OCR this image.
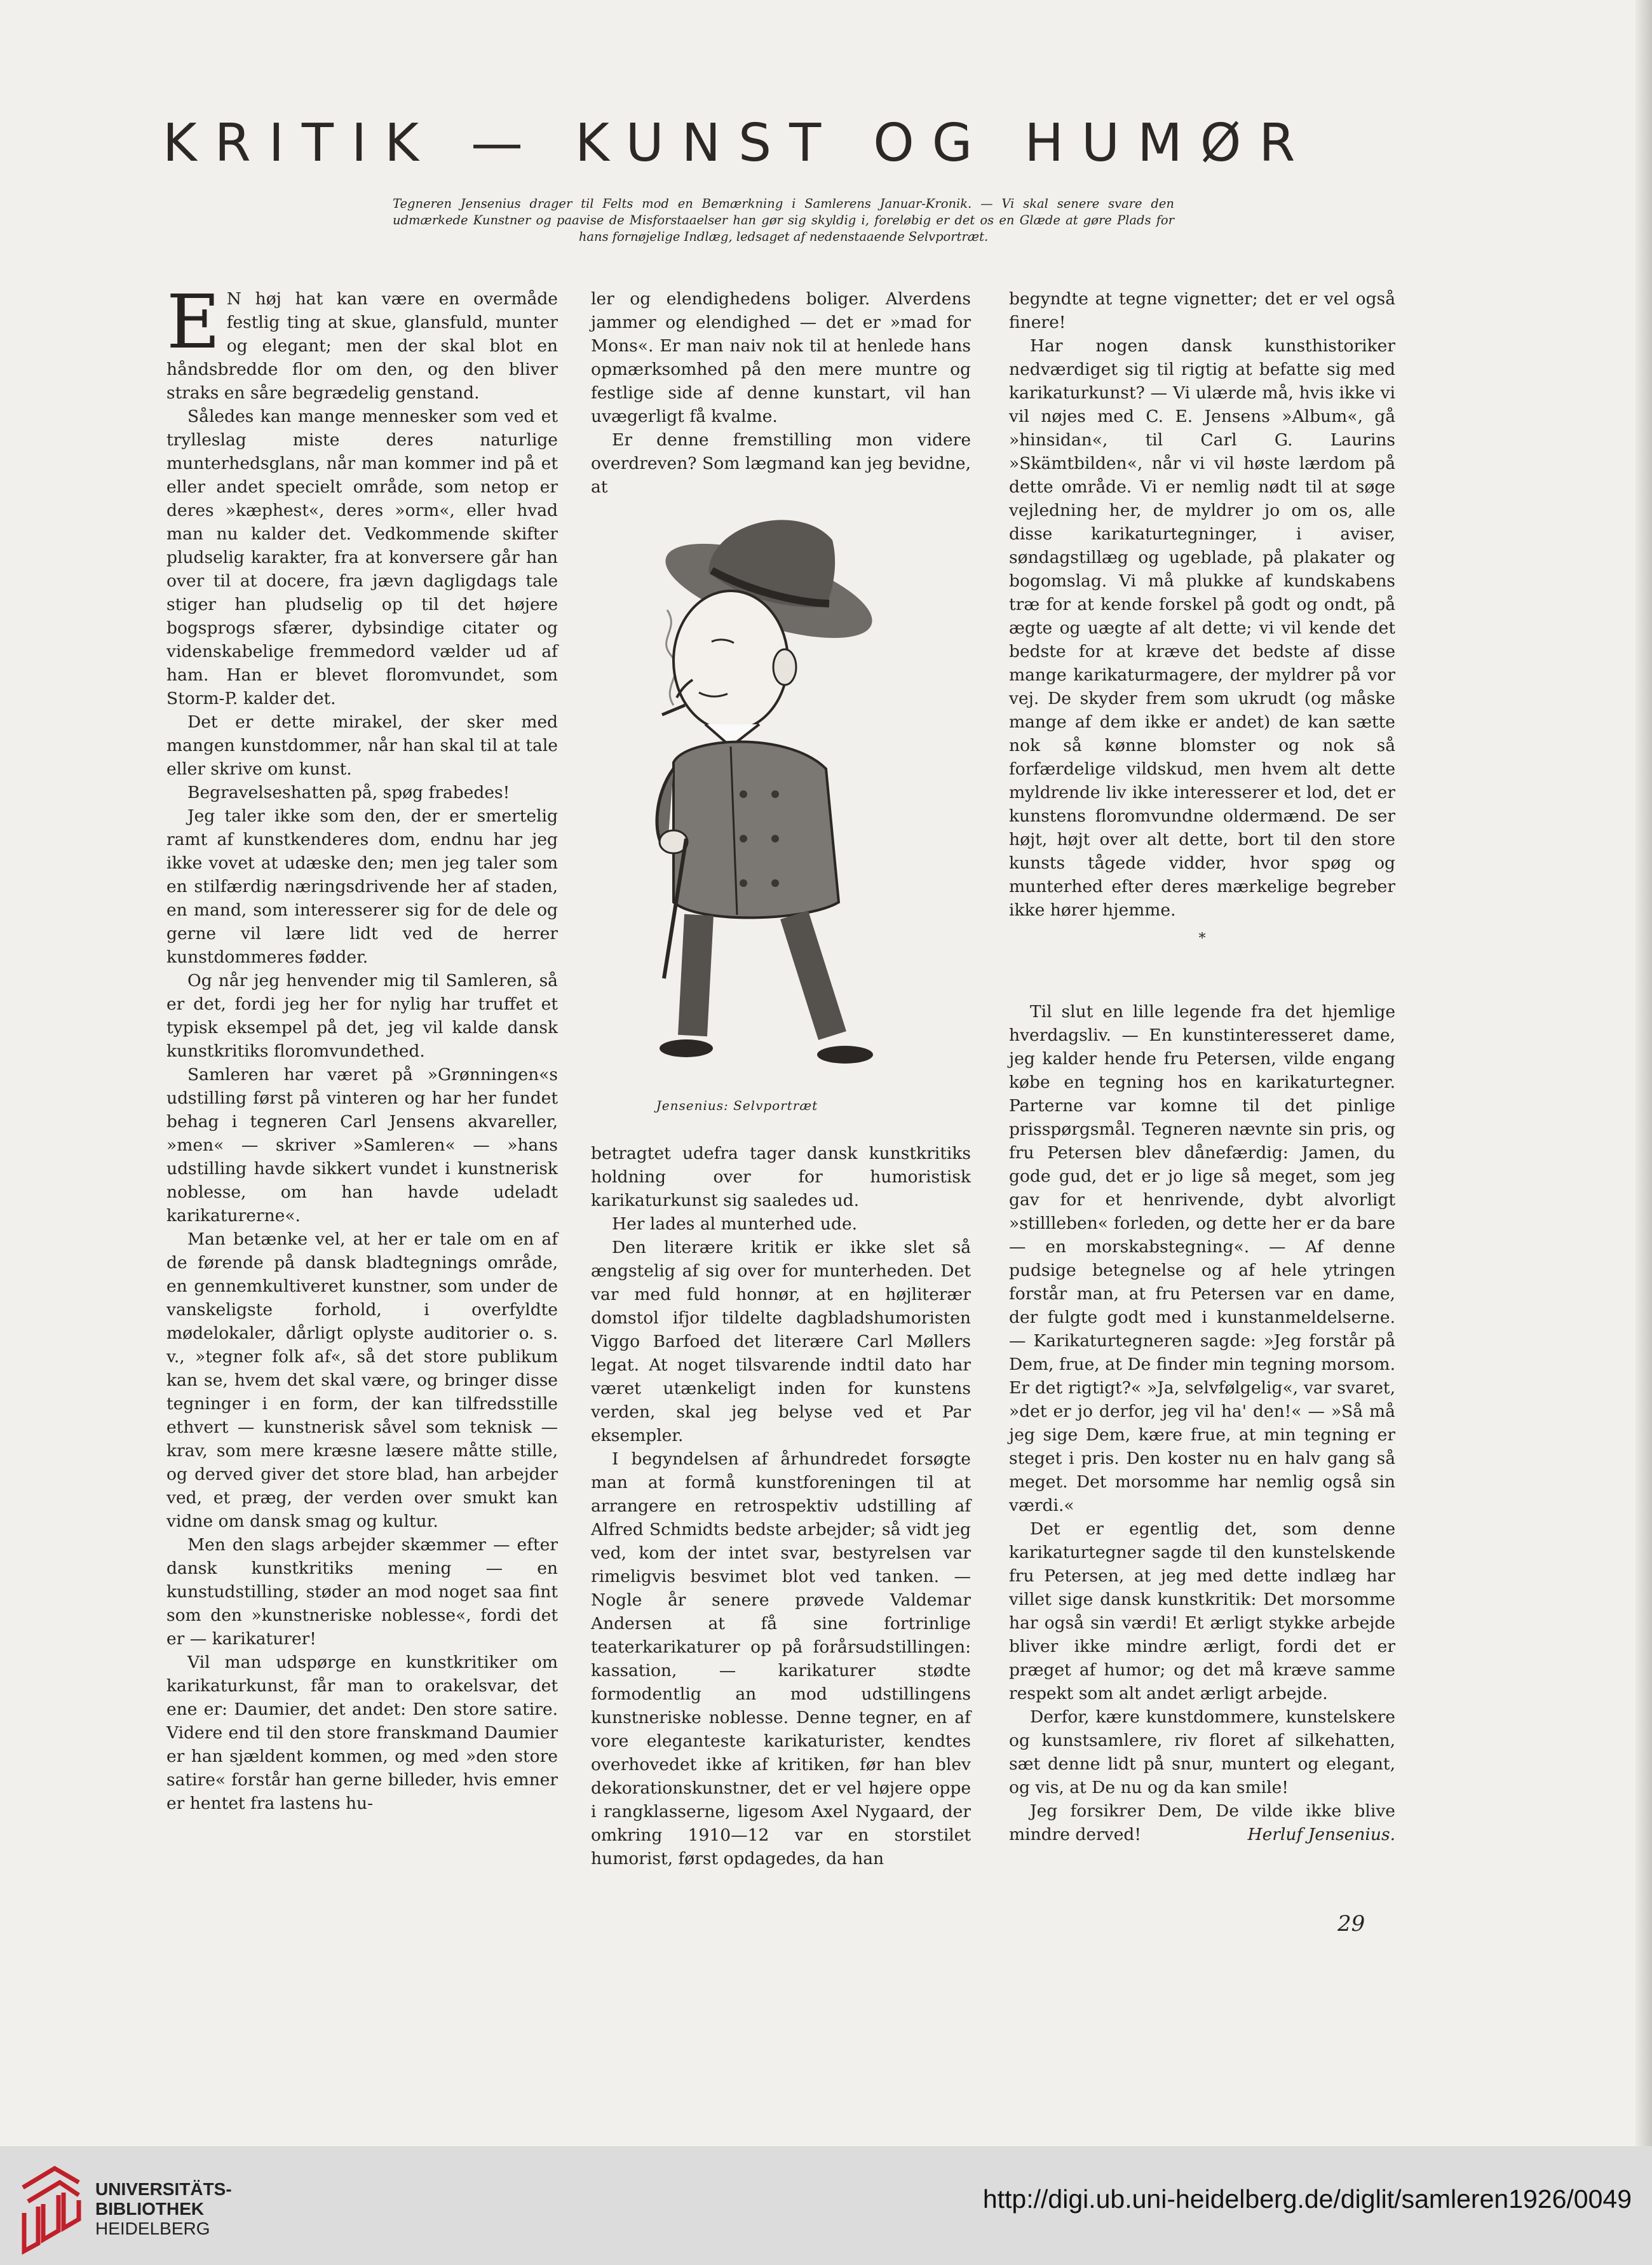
KRITIK — KUNST OG HUMØR
Tegneren Jensenius drager til Felts mod en Bemærkning i Samlerens Januar-Kronik. — Vi skal senere svare den udmærkede Kunstner og paavise de Misforstaaelser han gør sig skyldig i, foreløbig er det os en Glæde at gøre Plads for hans fornøjelige Indlæg, ledsaget af nedenstaaende Selvportræt.

E N høj hat kan være en overmåde festlig ting at skue, glansfuld, munter og elegant; men der skal blot en håndsbredde flor om den, og den bliver straks en såre begrædelig genstand.

Således kan mange mennesker som ved et trylleslag miste deres naturlige munterhedsglans, når man kommer ind på et eller andet specielt område, som netop er deres »kæphest«, deres »orm«, eller hvad man nu kalder det. Vedkommende skifter pludselig karakter, fra at konversere går han over til at docere, fra jævn dagligdags tale stiger han pludselig op til det højere bogsprogs sfærer, dybsindige citater og videnskabelige fremmedord vælder ud af ham. Han er blevet floromvundet, som Storm-P. kalder det.

Det er dette mirakel, der sker med mangen kunstdommer, når han skal til at tale eller skrive om kunst.

Begravelseshatten på, spøg frabedes!

Jeg taler ikke som den, der er smertelig ramt af kunstkenderes dom, endnu har jeg ikke vovet at udæske den; men jeg taler som en stilfærdig næringsdrivende her af staden, en mand, som interesserer sig for de dele og gerne vil lære lidt ved de herrer kunstdommeres fødder.

Og når jeg henvender mig til Samleren, så er det, fordi jeg her for nylig har truffet et typisk eksempel på det, jeg vil kalde dansk kunstkritiks floromvundethed.

Samleren har været på »Grønningen«s udstilling først på vinteren og har her fundet behag i tegneren Carl Jensens akvareller, »men« — skriver »Samleren« — »hans udstilling havde sikkert vundet i kunstnerisk noblesse, om han havde udeladt karikaturerne«.

Man betænke vel, at her er tale om en af de førende på dansk bladtegnings område, en gennemkultiveret kunstner, som under de vanskeligste forhold, i overfyldte mødelokaler, dårligt oplyste auditorier o. s. v., »tegner folk af«, så det store publikum kan se, hvem det skal være, og bringer disse tegninger i en form, der kan tilfredsstille ethvert — kunstnerisk såvel som teknisk — krav, som mere kræsne læsere måtte stille, og derved giver det store blad, han arbejder ved, et præg, der verden over smukt kan vidne om dansk smag og kultur.

Men den slags arbejder skæmmer — efter dansk kunstkritiks mening — en kunstudstilling, støder an mod noget saa fint som den »kunstneriske noblesse«, fordi det er — karikaturer!

Vil man udspørge en kunstkritiker om karikaturkunst, får man to orakelsvar, det ene er: Daumier, det andet: Den store satire. Videre end til den store franskmand Daumier er han sjældent kommen, og med »den store satire« forstår han gerne billeder, hvis emner er hentet fra lastens hu-

ler og elendighedens boliger. Alverdens jammer og elendighed — det er »mad for Mons«. Er man naiv nok til at henlede hans opmærksomhed på den mere muntre og festlige side af denne kunstart, vil han uvægerligt få kvalme.

Er denne fremstilling mon videre overdreven? Som lægmand kan jeg bevidne, at

Jensenius: Selvportræt

betragtet udefra tager dansk kunstkritiks holdning over for humoristisk karikaturkunst sig saaledes ud.

Her lades al munterhed ude.

Den literære kritik er ikke slet så ængstelig af sig over for munterheden. Det var med fuld honnør, at en højliterær domstol ifjor tildelte dagbladshumoristen Viggo Barfoed det literære Carl Møllers legat. At noget tilsvarende indtil dato har været utænkeligt inden for kunstens verden, skal jeg belyse ved et Par eksempler.

I begyndelsen af århundredet forsøgte man at formå kunstforeningen til at arrangere en retrospektiv udstilling af Alfred Schmidts bedste arbejder; så vidt jeg ved, kom der intet svar, bestyrelsen var rimeligvis besvimet blot ved tanken. — Nogle år senere prøvede Valdemar Andersen at få sine fortrinlige teaterkarikaturer op på forårsudstillingen: kassation, — karikaturer stødte formodentlig an mod udstillingens kunstneriske noblesse. Denne tegner, en af vore eleganteste karikaturister, kendtes overhovedet ikke af kritiken, før han blev dekorationskunstner, det er vel højere oppe i rangklasserne, ligesom Axel Nygaard, der omkring 1910—12 var en storstilet humorist, først opdagedes, da han

begyndte at tegne vignetter; det er vel også finere!

Har nogen dansk kunsthistoriker nedværdiget sig til rigtig at befatte sig med karikaturkunst? — Vi ulærde må, hvis ikke vi vil nøjes med C. E. Jensens »Album«, gå »hinsidan«, til Carl G. Laurins »Skämtbilden«, når vi vil høste lærdom på dette område. Vi er nemlig nødt til at søge vejledning her, de myldrer jo om os, alle disse karikaturtegninger, i aviser, søndagstillæg og ugeblade, på plakater og bogomslag. Vi må plukke af kundskabens træ for at kende forskel på godt og ondt, på ægte og uægte af alt dette; vi vil kende det bedste for at kræve det bedste af disse mange karikaturmagere, der myldrer på vor vej. De skyder frem som ukrudt (og måske mange af dem ikke er andet) de kan sætte nok så kønne blomster og nok så forfærdelige vildskud, men hvem alt dette myldrende liv ikke interesserer et lod, det er kunstens floromvundne oldermænd. De ser højt, højt over alt dette, bort til den store kunsts tågede vidder, hvor spøg og munterhed efter deres mærkelige begreber ikke hører hjemme.

*

Til slut en lille legende fra det hjemlige hverdagsliv. — En kunstinteresseret dame, jeg kalder hende fru Petersen, vilde engang købe en tegning hos en karikaturtegner. Parterne var komne til det pinlige prisspørgsmål. Tegneren nævnte sin pris, og fru Petersen blev dånefærdig: Jamen, du gode gud, det er jo lige så meget, som jeg gav for et henrivende, dybt alvorligt »stillleben« forleden, og dette her er da bare — en morskabstegning«. — Af denne pudsige betegnelse og af hele ytringen forstår man, at fru Petersen var en dame, der fulgte godt med i kunstanmeldelserne. — Karikaturtegneren sagde: »Jeg forstår på Dem, frue, at De finder min tegning morsom. Er det rigtigt?« »Ja, selvfølgelig«, var svaret, »det er jo derfor, jeg vil ha' den!« — »Så må jeg sige Dem, kære frue, at min tegning er steget i pris. Den koster nu en halv gang så meget. Det morsomme har nemlig også sin værdi.«

Det er egentlig det, som denne karikaturtegner sagde til den kunstelskende fru Petersen, at jeg med dette indlæg har villet sige dansk kunstkritik: Det morsomme har også sin værdi! Et ærligt stykke arbejde bliver ikke mindre ærligt, fordi det er præget af humor; og det må kræve samme respekt som alt andet ærligt arbejde.

Derfor, kære kunstdommere, kunstelskere og kunstsamlere, riv floret af silkehatten, sæt denne lidt på snur, muntert og elegant, og vis, at De nu og da kan smile!

Jeg forsikrer Dem, De vilde ikke blive mindre derved!	Herluf Jensenius.

29
UNIVERSITÄTS-
BIBLIOTHEK
HEIDELBERG
http://digi.ub.uni-heidelberg.de/diglit/samleren1926/0049
